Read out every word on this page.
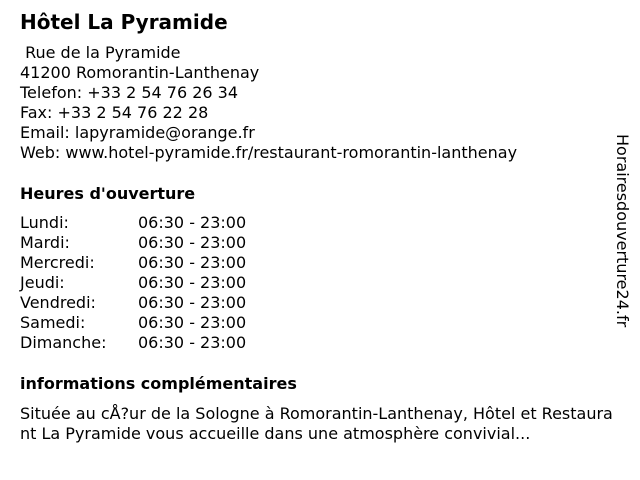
Hôtel La Pyramide
Rue de la Pyramide
41200 Romorantin-Lanthenay
Telefon: +33 2 54 76 26 34
Fax: +33 2 54 76 22 28
Email: lapyramide@orange.fr
Web: www.hotel-pyramide.fr/restaurant-romorantin-lanthenay
Heures d'ouverture
Lundi:	06:30 - 23:00
Mardi:	06:30 - 23:00
Mercredi:	06:30 - 23:00
Jeudi:	06:30 - 23:00
Vendredi:	06:30 - 23:00
Samedi:	06:30 - 23:00
Dimanche:	06:30 - 23:00
informations complémentaires
Située au cÅ?ur de la Sologne à Romorantin-Lanthenay, Hôtel et Restaurant La Pyramide vous accueille dans une atmosphère convivial...
Horairesdouverture24.fr
